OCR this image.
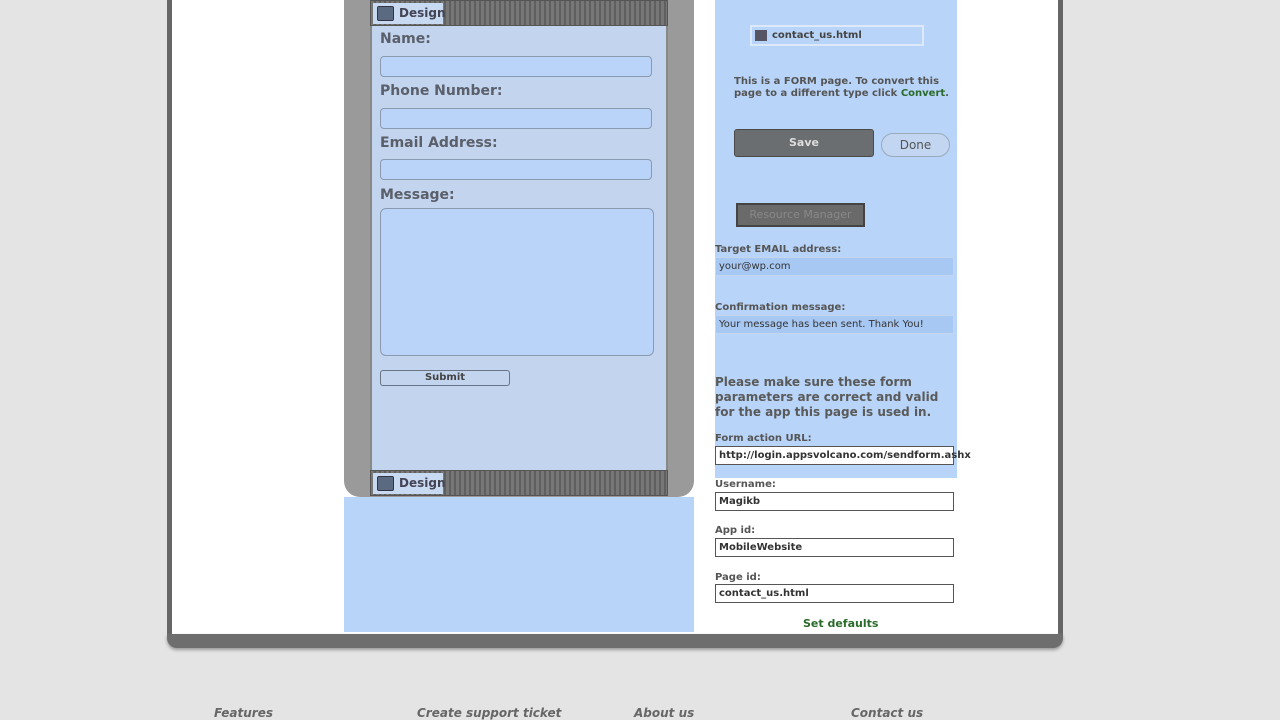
Design
Name:
Phone Number:
Email Address:
Message:
Submit
Design
contact_us.html
This is a FORM page. To convert this page to a different type click Convert.
Save	Done
Resource Manager
Target EMAIL address:
your@wp.com
Confirmation message:
Your message has been sent. Thank You!
Please make sure these form parameters are correct and valid for the app this page is used in.
Form action URL:
http://login.appsvolcano.com/sendform.ashx
Username:
Magikb
App id:
MobileWebsite
Page id:
contact_us.html
Set defaults
Features	Create support ticket	About us	Contact us
